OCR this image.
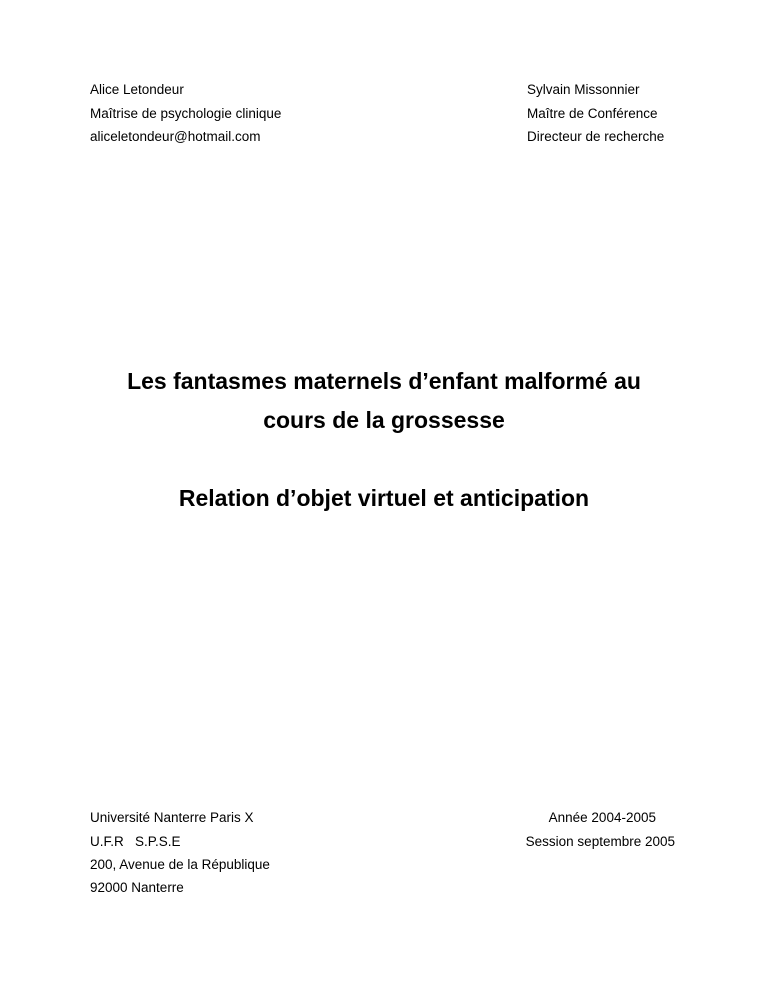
Alice Letondeur
Maîtrise de psychologie clinique
aliceletondeur@hotmail.com
Sylvain Missonnier
Maître de Conférence
Directeur de recherche
Les fantasmes maternels d’enfant malformé au
cours de la grossesse
Relation d’objet virtuel et anticipation
Université Nanterre Paris X
U.F.R   S.P.S.E
200, Avenue de la République
92000 Nanterre
Année 2004-2005
Session septembre 2005
